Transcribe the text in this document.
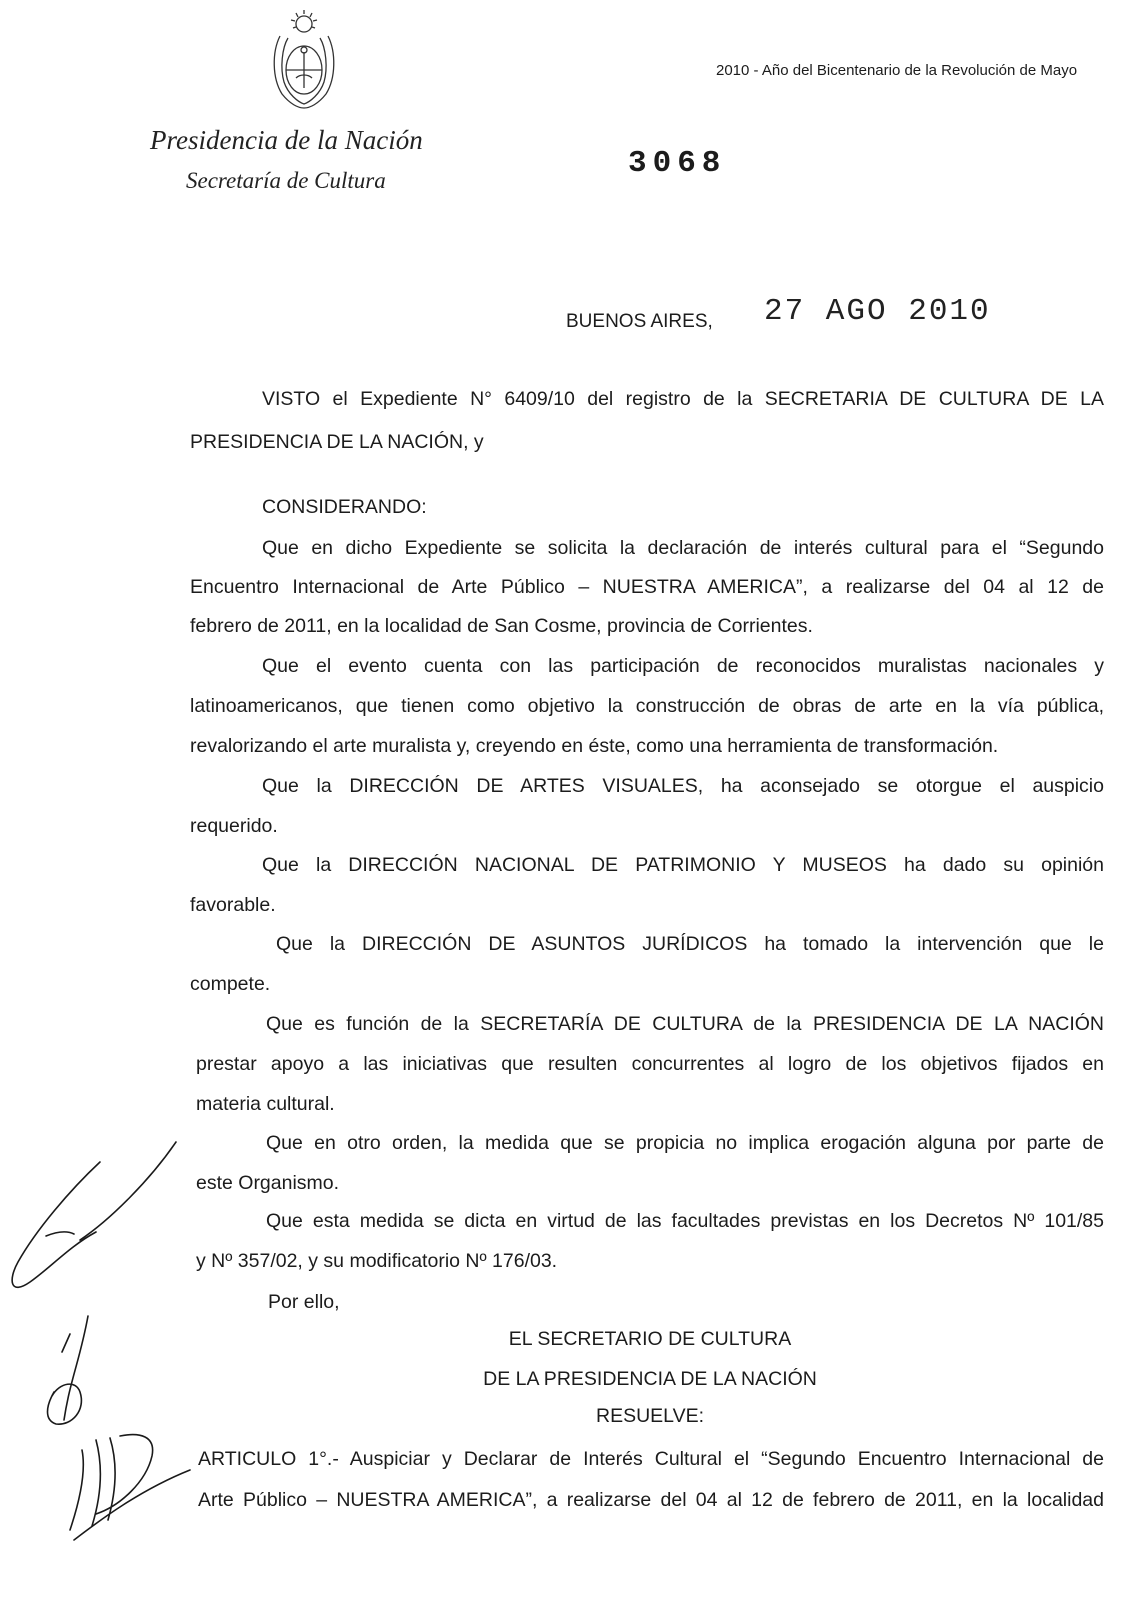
Presidencia de la Nación
Secretaría de Cultura
2010 - Año del Bicentenario de la Revolución de Mayo
3068
BUENOS AIRES, 27 AGO 2010
VISTO el Expediente N° 6409/10 del registro de la SECRETARIA DE CULTURA DE LA
PRESIDENCIA DE LA NACIÓN, y
CONSIDERANDO:
Que en dicho Expediente se solicita la declaración de interés cultural para el “Segundo
Encuentro Internacional de Arte Público – NUESTRA AMERICA”, a realizarse del 04 al 12 de
febrero de 2011, en la localidad de San Cosme, provincia de Corrientes.
Que el evento cuenta con las participación de reconocidos muralistas nacionales y
latinoamericanos, que tienen como objetivo la construcción de obras de arte en la vía pública,
revalorizando el arte muralista y, creyendo en éste, como una herramienta de transformación.
Que la DIRECCIÓN DE ARTES VISUALES, ha aconsejado se otorgue el auspicio
requerido.
Que la DIRECCIÓN NACIONAL DE PATRIMONIO Y MUSEOS ha dado su opinión
favorable.
Que la DIRECCIÓN DE ASUNTOS JURÍDICOS ha tomado la intervención que le
compete.
Que es función de la SECRETARÍA DE CULTURA de la PRESIDENCIA DE LA NACIÓN
prestar apoyo a las iniciativas que resulten concurrentes al logro de los objetivos fijados en
materia cultural.
Que en otro orden, la medida que se propicia no implica erogación alguna por parte de
este Organismo.
Que esta medida se dicta en virtud de las facultades previstas en los Decretos Nº 101/85
y Nº 357/02, y su modificatorio Nº 176/03.
Por ello,
EL SECRETARIO DE CULTURA
DE LA PRESIDENCIA DE LA NACIÓN
RESUELVE:
ARTICULO 1°.- Auspiciar y Declarar de Interés Cultural el “Segundo Encuentro Internacional de
Arte Público – NUESTRA AMERICA”, a realizarse del 04 al 12 de febrero de 2011, en la localidad
